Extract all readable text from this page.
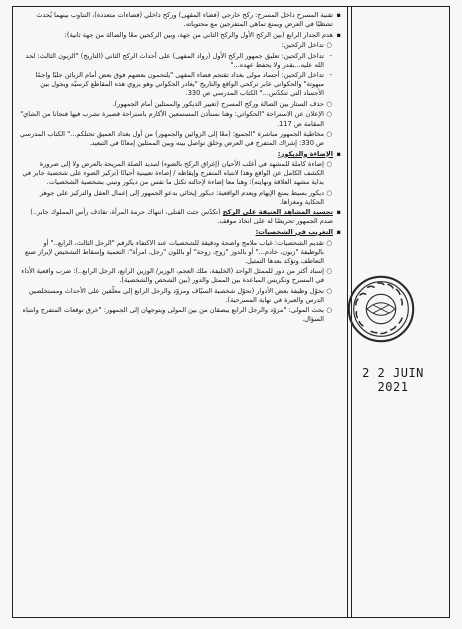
▪
تقنية المسرح داخل المسرح: ركح خارجي (فضاء المقهى) وركح داخلي (فضاءات متعددة)، التناوب بينهما يُحدث تشظيًا في العرض ويمنع تماهي المتفرجين مع محتوياته.
▪
هدم الجدار الرابع (بين الركح الأول والركح الثاني من جهة، وبين الركحين معًا والصالة من جهة ثانية):
○
تداخل الركحين:
-
تداخل الركحين: تعليق جمهور الركح الأول (رواد المقهى) على أحداث الركح الثاني (التاريخ) "الزبون الثالث: لحد الله عليه...يقدر ولا يحفظ عهده..."
-
تداخل الركحين: أجساد مولى بغداد تقتحم فضاء المقهى "يلتحمون بعضهم فوق بعض أمام الزبائن جلبًا واجمًا مبهوتة" والحكواتي عابر تركحي الواقع والتاريخ "يغادر الحكواتي وهو يروي هذه المقاطع كرسيّه ويجول بين الأجساد التي تتكدّس..." الكتاب المدرسي ص 330.
○
حذف الستار بين الصالة وركح المسرح (تغيير الديكور والممثلين أمام الجمهور).
○
الإعلان عن الاستراحة "الحكواتي: وهنا نستأذن المستمعين الأكارم باستراحة قصيرة تشرب فيها فنجانا من الشاي" المقامة ص 117.
○
مخاطبة الجمهور مباشرة "الجميع: (معًا إلى الزوائين والجمهور) من أول بغداد العميق تحتلكم..." الكتاب المدرسي ص 330: إشراك المتفرج في العرض وخلق تواصل بينه وبين الممثلين إمعانًا في التبعيد.
▪
الإضاءة والديكور:
○
إضاءة كاملة للمشهد في أغلب الأحيان (إغراق الركح بالضوء) لتبديد الصلة المريحة بالعرض ولا إلى ضرورة الكشف الكامل عن الواقع وهذا لانتباه المتفرج وإيقاظه / إضاءة تعيينية أحيانًا (تركيز الضوء على شخصية جابر في بداية مشهد العلاقة ونهايته): وهنا معا إضاءة لإحالته تكثل ما نفس من ديكور وتبني بشخصية الشخصيات.
○
ديكور بسيط يمنع الإيهام ويعدم الواقعية: ديكور إيحائي يدعو الجمهور إلى إعمال العقل والتركيز على جوهر الحكاية ومغزاها.
▪
تجسيد المشاهد العنيفة على الركح (تكدّس جثث القتلى، انتهاك حرمة المرأة، تقاذف رأس المملوك جابر..) صدم الجمهور تحريضًا له على اتخاذ موقف.
▪
التغريب في الشخصيات:
○
تقديم الشخصيات: غياب ملامح واضحة ودقيقة للشخصيات عند الاكتفاء بالرقم "الرجل الثالث، الرابع.." أو بالوظيفة "زبون، خادم..." أو بالدور "زوج، زوجة" أو باللون "رجل، امرأة": التعمية وإسقاط التشخيص لإبراز صنع التعاطف وتؤكد بعدها التمثيل.
○
إسناد أكثر من دور للممثل الواحد (الخليفة، ملك العجم، الوزير/ الوزين الرابع، الرجل الرابع..): ضرب واقعية الأداء في المسرح وتكريس المباعدة بين الممثل والدور (بين الشخص والشخصية).
○
تحوّل وظيفة بعض الأدوار (تحوّل شخصية السيّاف ومزوّد والرجل الرابع إلى معلّقين على الأحداث ومستخلصين الدرس والعبرة في نهاية المسرحية).
○
بحث المولى: "مزوّد والرجل الرابع يبصقان من بين المولى ويتوجهان إلى الجمهور: "خرق توقعات المتفرج وانتباه السؤال.
2 2 JUIN 2021
